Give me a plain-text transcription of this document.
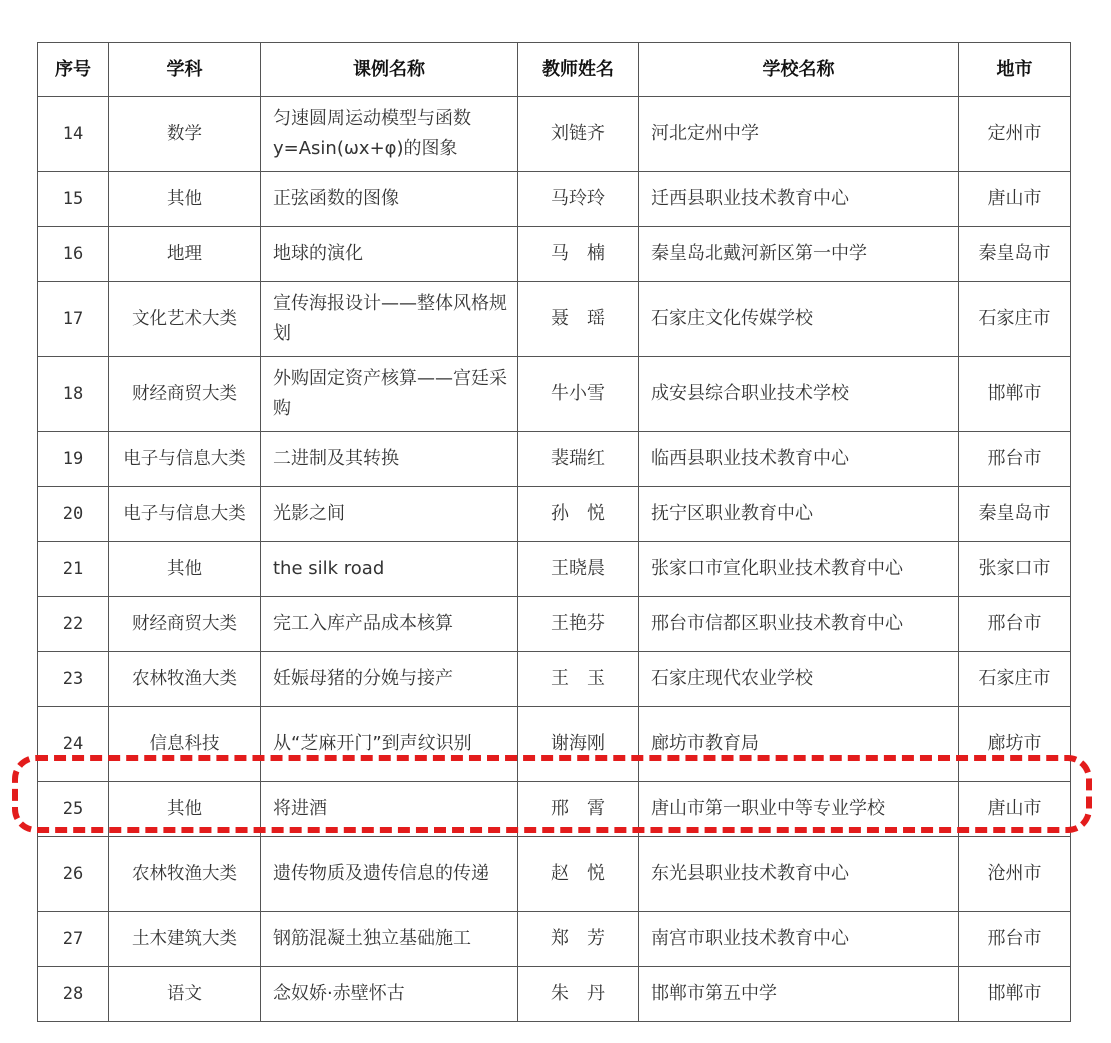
序号	学科	课例名称	教师姓名	学校名称	地市
14	数学	匀速圆周运动模型与函数y=Asin(ωx+φ)的图象	刘链齐	河北定州中学	定州市
15	其他	正弦函数的图像	马玲玲	迁西县职业技术教育中心	唐山市
16	地理	地球的演化	马　楠	秦皇岛北戴河新区第一中学	秦皇岛市
17	文化艺术大类	宣传海报设计——整体风格规划	聂　瑶	石家庄文化传媒学校	石家庄市
18	财经商贸大类	外购固定资产核算——宫廷采购	牛小雪	成安县综合职业技术学校	邯郸市
19	电子与信息大类	二进制及其转换	裴瑞红	临西县职业技术教育中心	邢台市
20	电子与信息大类	光影之间	孙　悦	抚宁区职业教育中心	秦皇岛市
21	其他	the silk road	王晓晨	张家口市宣化职业技术教育中心	张家口市
22	财经商贸大类	完工入库产品成本核算	王艳芬	邢台市信都区职业技术教育中心	邢台市
23	农林牧渔大类	妊娠母猪的分娩与接产	王　玉	石家庄现代农业学校	石家庄市
24	信息科技	从“芝麻开门”到声纹识别	谢海刚	廊坊市教育局	廊坊市
25	其他	将进酒	邢　霄	唐山市第一职业中等专业学校	唐山市
26	农林牧渔大类	遗传物质及遗传信息的传递	赵　悦	东光县职业技术教育中心	沧州市
27	土木建筑大类	钢筋混凝土独立基础施工	郑　芳	南宫市职业技术教育中心	邢台市
28	语文	念奴娇·赤壁怀古	朱　丹	邯郸市第五中学	邯郸市
